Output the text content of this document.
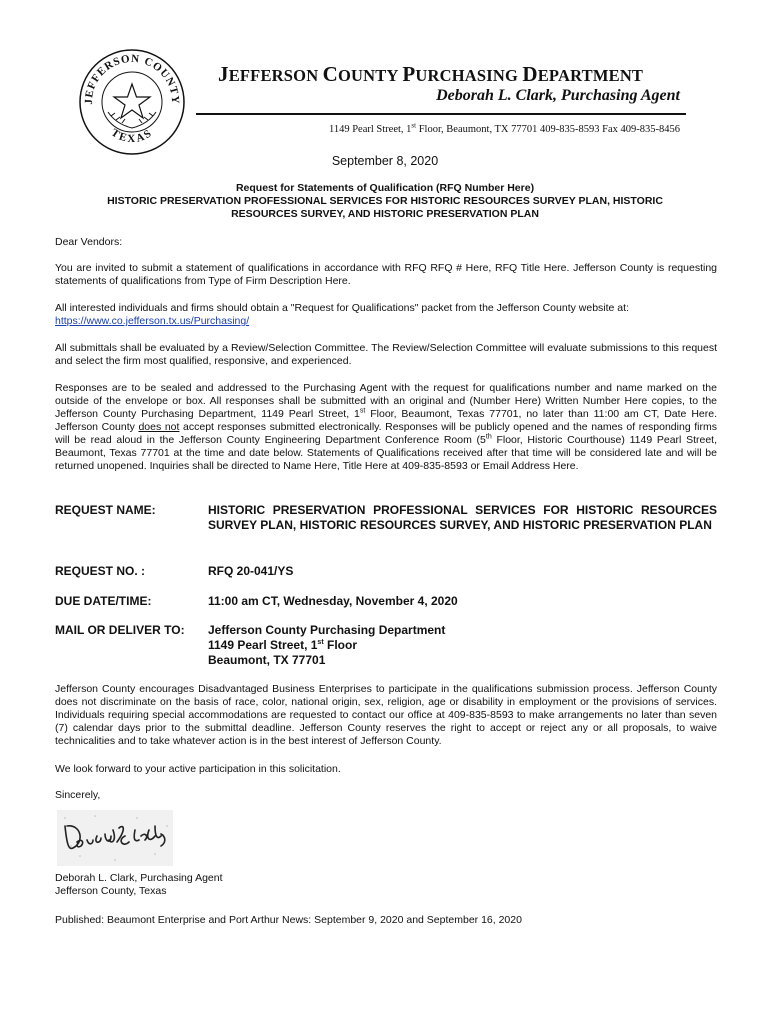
JEFFERSON COUNTY
TEXAS
JEFFERSON COUNTY PURCHASING DEPARTMENT
Deborah L. Clark, Purchasing Agent
1149 Pearl Street, 1st Floor, Beaumont, TX 77701 409-835-8593 Fax 409-835-8456
September 8, 2020
Request for Statements of Qualification (RFQ Number Here)
HISTORIC PRESERVATION PROFESSIONAL SERVICES FOR HISTORIC RESOURCES SURVEY PLAN, HISTORIC
RESOURCES SURVEY, AND HISTORIC PRESERVATION PLAN
Dear Vendors:

You are invited to submit a statement of qualifications in accordance with RFQ RFQ # Here, RFQ Title Here. Jefferson County is requesting statements of qualifications from Type of Firm Description Here.

All interested individuals and firms should obtain a "Request for Qualifications" packet from the Jefferson County website at:

https://www.co.jefferson.tx.us/Purchasing/

All submittals shall be evaluated by a Review/Selection Committee. The Review/Selection Committee will evaluate submissions to this request and select the firm most qualified, responsive, and experienced.

Responses are to be sealed and addressed to the Purchasing Agent with the request for qualifications number and name marked on the outside of the envelope or box. All responses shall be submitted with an original and (Number Here) Written Number Here copies, to the Jefferson County Purchasing Department, 1149 Pearl Street, 1st Floor, Beaumont, Texas 77701, no later than 11:00 am CT, Date Here. Jefferson County does not accept responses submitted electronically. Responses will be publicly opened and the names of responding firms will be read aloud in the Jefferson County Engineering Department Conference Room (5th Floor, Historic Courthouse) 1149 Pearl Street, Beaumont, Texas 77701 at the time and date below. Statements of Qualifications received after that time will be considered late and will be returned unopened. Inquiries shall be directed to Name Here, Title Here at 409-835-8593 or Email Address Here.

REQUEST NAME:	HISTORIC PRESERVATION PROFESSIONAL SERVICES FOR HISTORIC RESOURCES SURVEY PLAN, HISTORIC RESOURCES SURVEY, AND HISTORIC PRESERVATION PLAN
REQUEST NO. :	RFQ 20-041/YS
DUE DATE/TIME:	11:00 am CT, Wednesday, November 4, 2020
MAIL OR DELIVER TO: Jefferson County Purchasing Department
1149 Pearl Street, 1st Floor
Beaumont, TX 77701

Jefferson County encourages Disadvantaged Business Enterprises to participate in the qualifications submission process. Jefferson County does not discriminate on the basis of race, color, national origin, sex, religion, age or disability in employment or the provisions of services. Individuals requiring special accommodations are requested to contact our office at 409-835-8593 to make arrangements no later than seven (7) calendar days prior to the submittal deadline. Jefferson County reserves the right to accept or reject any or all proposals, to waive technicalities and to take whatever action is in the best interest of Jefferson County.

We look forward to your active participation in this solicitation.
Sincerely,
Deborah L. Clark, Purchasing Agent
Jefferson County, Texas
Published: Beaumont Enterprise and Port Arthur News: September 9, 2020 and September 16, 2020
